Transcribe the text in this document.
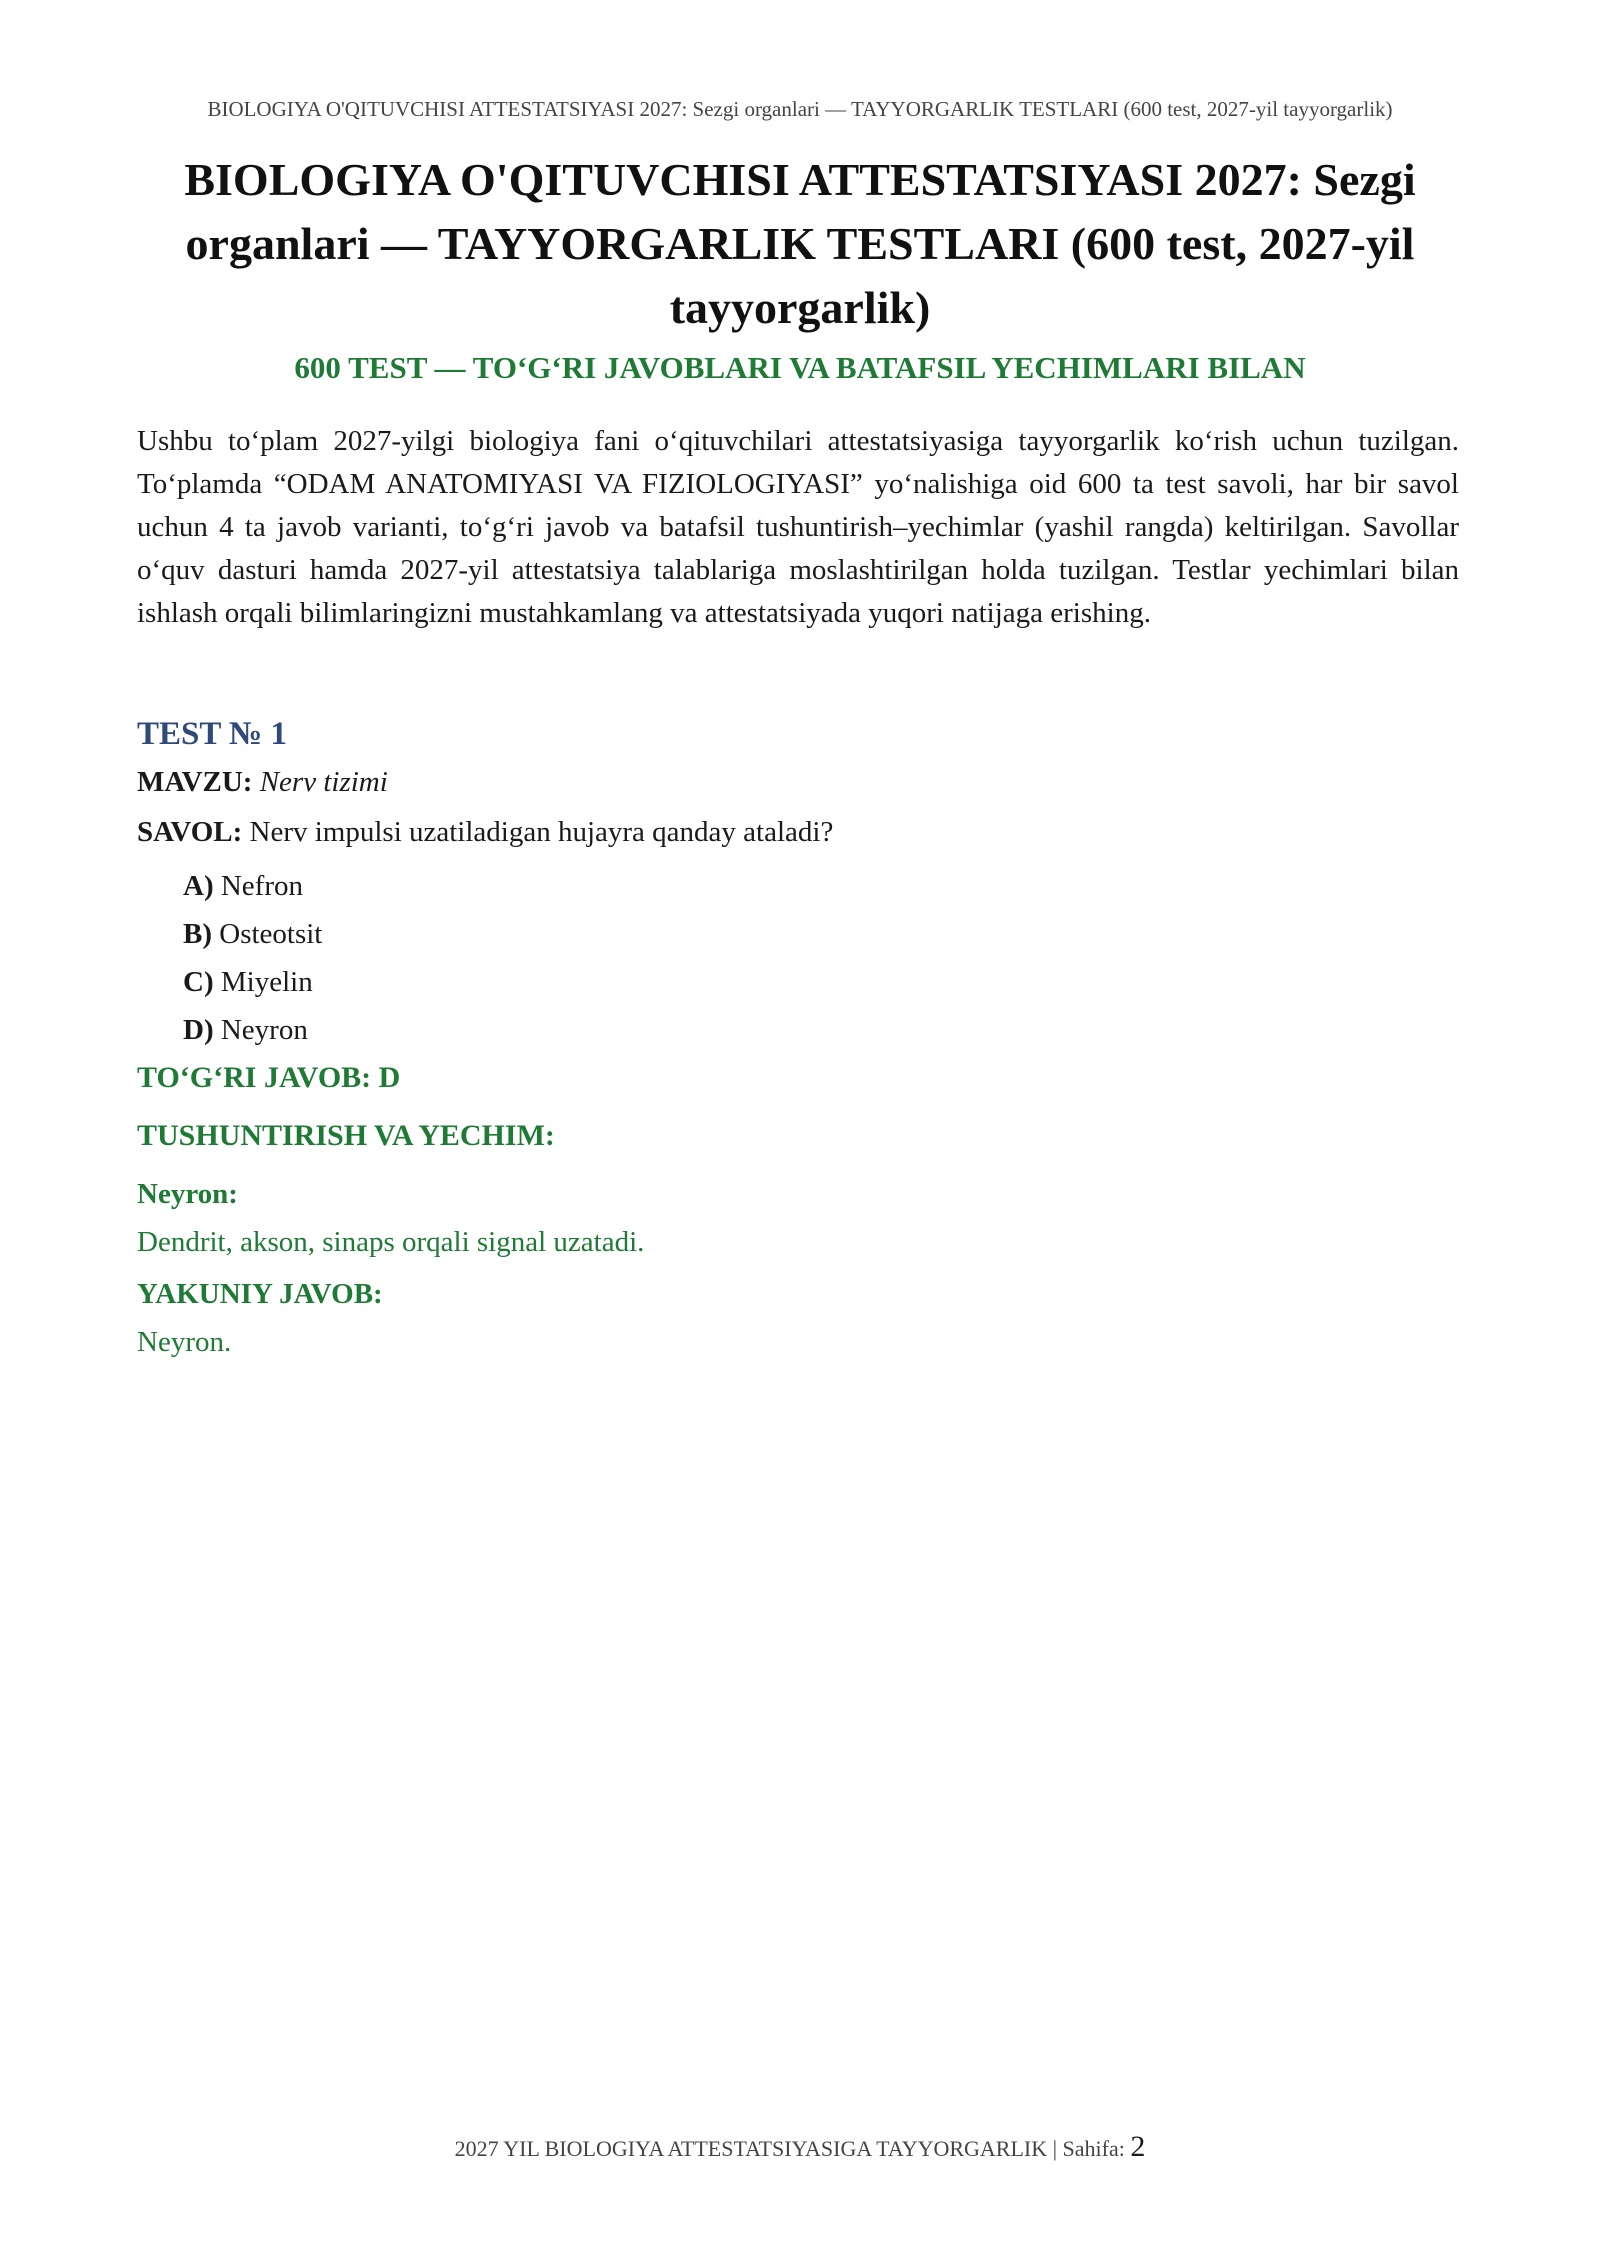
BIOLOGIYA O'QITUVCHISI ATTESTATSIYASI 2027: Sezgi organlari — TAYYORGARLIK TESTLARI (600 test, 2027-yil tayyorgarlik)
BIOLOGIYA O'QITUVCHISI ATTESTATSIYASI 2027: Sezgi organlari — TAYYORGARLIK TESTLARI (600 test, 2027-yil tayyorgarlik)
600 TEST — TO‘G‘RI JAVOBLARI VA BATAFSIL YECHIMLARI BILAN

Ushbu to‘plam 2027-yilgi biologiya fani o‘qituvchilari attestatsiyasiga tayyorgarlik ko‘rish uchun tuzilgan. To‘plamda “ODAM ANATOMIYASI VA FIZIOLOGIYASI” yo‘nalishiga oid 600 ta test savoli, har bir savol uchun 4 ta javob varianti, to‘g‘ri javob va batafsil tushuntirish–yechimlar (yashil rangda) keltirilgan. Savollar o‘quv dasturi hamda 2027-yil attestatsiya talablariga moslashtirilgan holda tuzilgan. Testlar yechimlari bilan ishlash orqali bilimlaringizni mustahkamlang va attestatsiyada yuqori natijaga erishing.

TEST № 1
MAVZU: Nerv tizimi
SAVOL: Nerv impulsi uzatiladigan hujayra qanday ataladi?
A) Nefron
B) Osteotsit
C) Miyelin
D) Neyron
TO‘G‘RI JAVOB: D
TUSHUNTIRISH VA YECHIM:
Neyron:
Dendrit, akson, sinaps orqali signal uzatadi.
YAKUNIY JAVOB:
Neyron.
2027 YIL BIOLOGIYA ATTESTATSIYASIGA TAYYORGARLIK | Sahifa: 2
